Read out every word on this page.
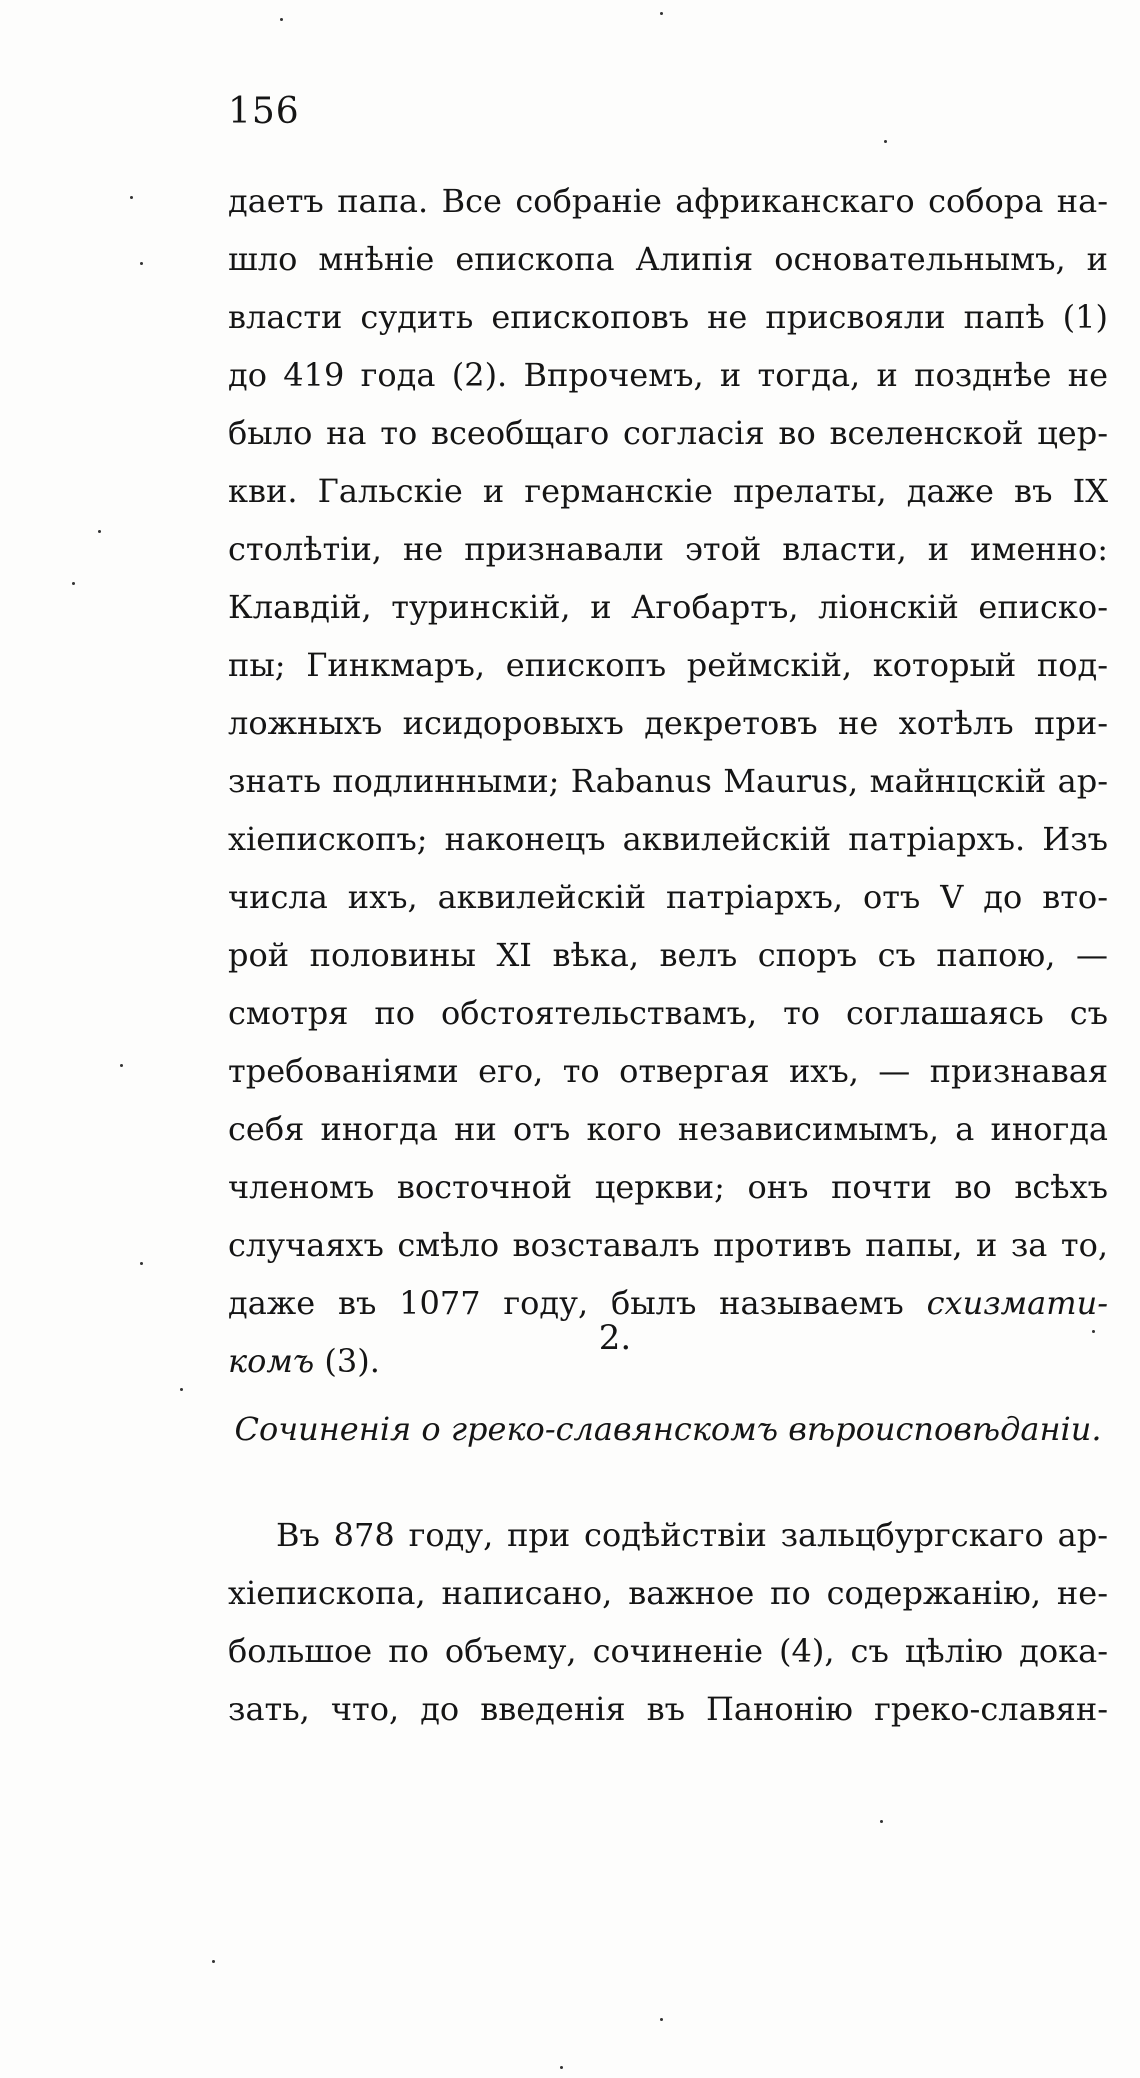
156
даетъ папа. Все собраніе африканскаго собора на-
шло мнѣніе епископа Алипія основательнымъ, и
власти судить епископовъ не присвояли папѣ (1)
до 419 года (2). Впрочемъ, и тогда, и позднѣе не
было на то всеобщаго согласія во вселенской цер-
кви. Гальскіе и германскіе прелаты, даже въ IX
столѣтіи, не признавали этой власти, и именно:
Клавдій, туринскій, и Агобартъ, ліонскій еписко-
пы; Гинкмаръ, епископъ реймскій, который под-
ложныхъ исидоровыхъ декретовъ не хотѣлъ при-
знать подлинными; Rabanus Maurus, майнцскій ар-
хіепископъ; наконецъ аквилейскій патріархъ. Изъ
числа ихъ, аквилейскій патріархъ, отъ V до вто-
рой половины XI вѣка, велъ споръ съ папою, —
смотря по обстоятельствамъ, то соглашаясь съ
требованіями его, то отвергая ихъ, — признавая
себя иногда ни отъ кого независимымъ, а иногда
членомъ восточной церкви; онъ почти во всѣхъ
случаяхъ смѣло возставалъ противъ папы, и за то,
даже въ 1077 году, былъ называемъ схизмати-
комъ (3).
2.
Сочиненія о греко-славянскомъ вѣроисповѣданіи.
Въ 878 году, при содѣйствіи зальцбургскаго ар-
хіепископа, написано, важное по содержанію, не-
большое по объему, сочиненіе (4), съ цѣлію дока-
зать, что, до введенія въ Панонію греко-славян-
